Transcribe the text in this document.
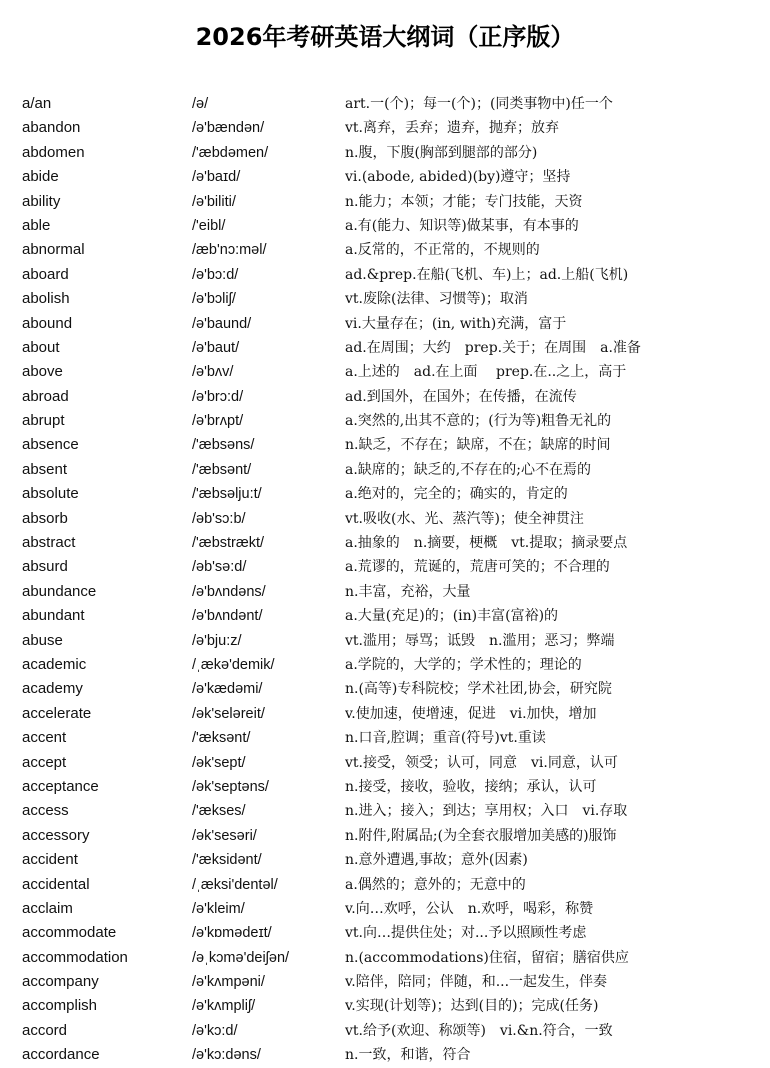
2026年考研英语大纲词（正序版）
a/an	/ə/	art.一(个)；每一(个)；(同类事物中)任一个
abandon	/ə'bændən/	vt.离弃，丢弃；遗弃，抛弃；放弃
abdomen	/'æbdəmen/	n.腹，下腹(胸部到腿部的部分)
abide	/ə'baɪd/	vi.(abode, abided)(by)遵守；坚持
ability	/ə'biliti/	n.能力；本领；才能；专门技能，天资
able	/'eibl/	a.有(能力、知识等)做某事，有本事的
abnormal	/æb'nɔ:məl/	a.反常的，不正常的，不规则的
aboard	/ə'bɔ:d/	ad.&prep.在船(飞机、车)上；ad.上船(飞机)
abolish	/ə'bɔliʃ/	vt.废除(法律、习惯等)；取消
abound	/ə'baund/	vi.大量存在；(in, with)充满，富于
about	/ə'baut/	ad.在周围；大约　prep.关于；在周围　a.准备
above	/ə'bʌv/	a.上述的　ad.在上面　 prep.在..之上，高于
abroad	/ə'brɔ:d/	ad.到国外，在国外；在传播，在流传
abrupt	/ə'brʌpt/	a.突然的,出其不意的；(行为等)粗鲁无礼的
absence	/'æbsəns/	n.缺乏，不存在；缺席，不在；缺席的时间
absent	/'æbsənt/	a.缺席的；缺乏的,不存在的;心不在焉的
absolute	/'æbsəlju:t/	a.绝对的，完全的；确实的，肯定的
absorb	/əb'sɔ:b/	vt.吸收(水、光、蒸汽等)；使全神贯注
abstract	/'æbstrækt/	a.抽象的　n.摘要，梗概　vt.提取；摘录要点
absurd	/əb'sə:d/	a.荒谬的，荒诞的，荒唐可笑的；不合理的
abundance	/ə'bʌndəns/	n.丰富，充裕，大量
abundant	/ə'bʌndənt/	a.大量(充足)的；(in)丰富(富裕)的
abuse	/ə'bju:z/	vt.滥用；辱骂；诋毁　n.滥用；恶习；弊端
academic	/ˌækə'demik/	a.学院的，大学的；学术性的；理论的
academy	/ə'kædəmi/	n.(高等)专科院校；学术社团,协会，研究院
accelerate	/ək'seləreit/	v.使加速，使增速，促进　vi.加快，增加
accent	/'æksənt/	n.口音,腔调；重音(符号)vt.重读
accept	/ək'sept/	vt.接受，领受；认可，同意　vi.同意，认可
acceptance	/ək'septəns/	n.接受，接收，验收，接纳；承认，认可
access	/'ækses/	n.进入；接入；到达；享用权；入口　vi.存取
accessory	/ək'sesəri/	n.附件,附属品;(为全套衣服增加美感的)服饰
accident	/'æksidənt/	n.意外遭遇,事故；意外(因素)
accidental	/ˌæksi'dentəl/	a.偶然的；意外的；无意中的
acclaim	/ə'kleim/	v.向…欢呼，公认　n.欢呼，喝彩，称赞
accommodate	/ə'kɒmədeɪt/	vt.向…提供住处；对...予以照顾性考虑
accommodation	/əˌkɔmə'deiʃən/	n.(accommodations)住宿，留宿；膳宿供应
accompany	/ə'kʌmpəni/	v.陪伴，陪同；伴随，和...一起发生，伴奏
accomplish	/ə'kʌmpliʃ/	v.实现(计划等)；达到(目的)；完成(任务)
accord	/ə'kɔ:d/	vt.给予(欢迎、称颂等)　vi.&n.符合，一致
accordance	/ə'kɔ:dəns/	n.一致，和谐，符合
